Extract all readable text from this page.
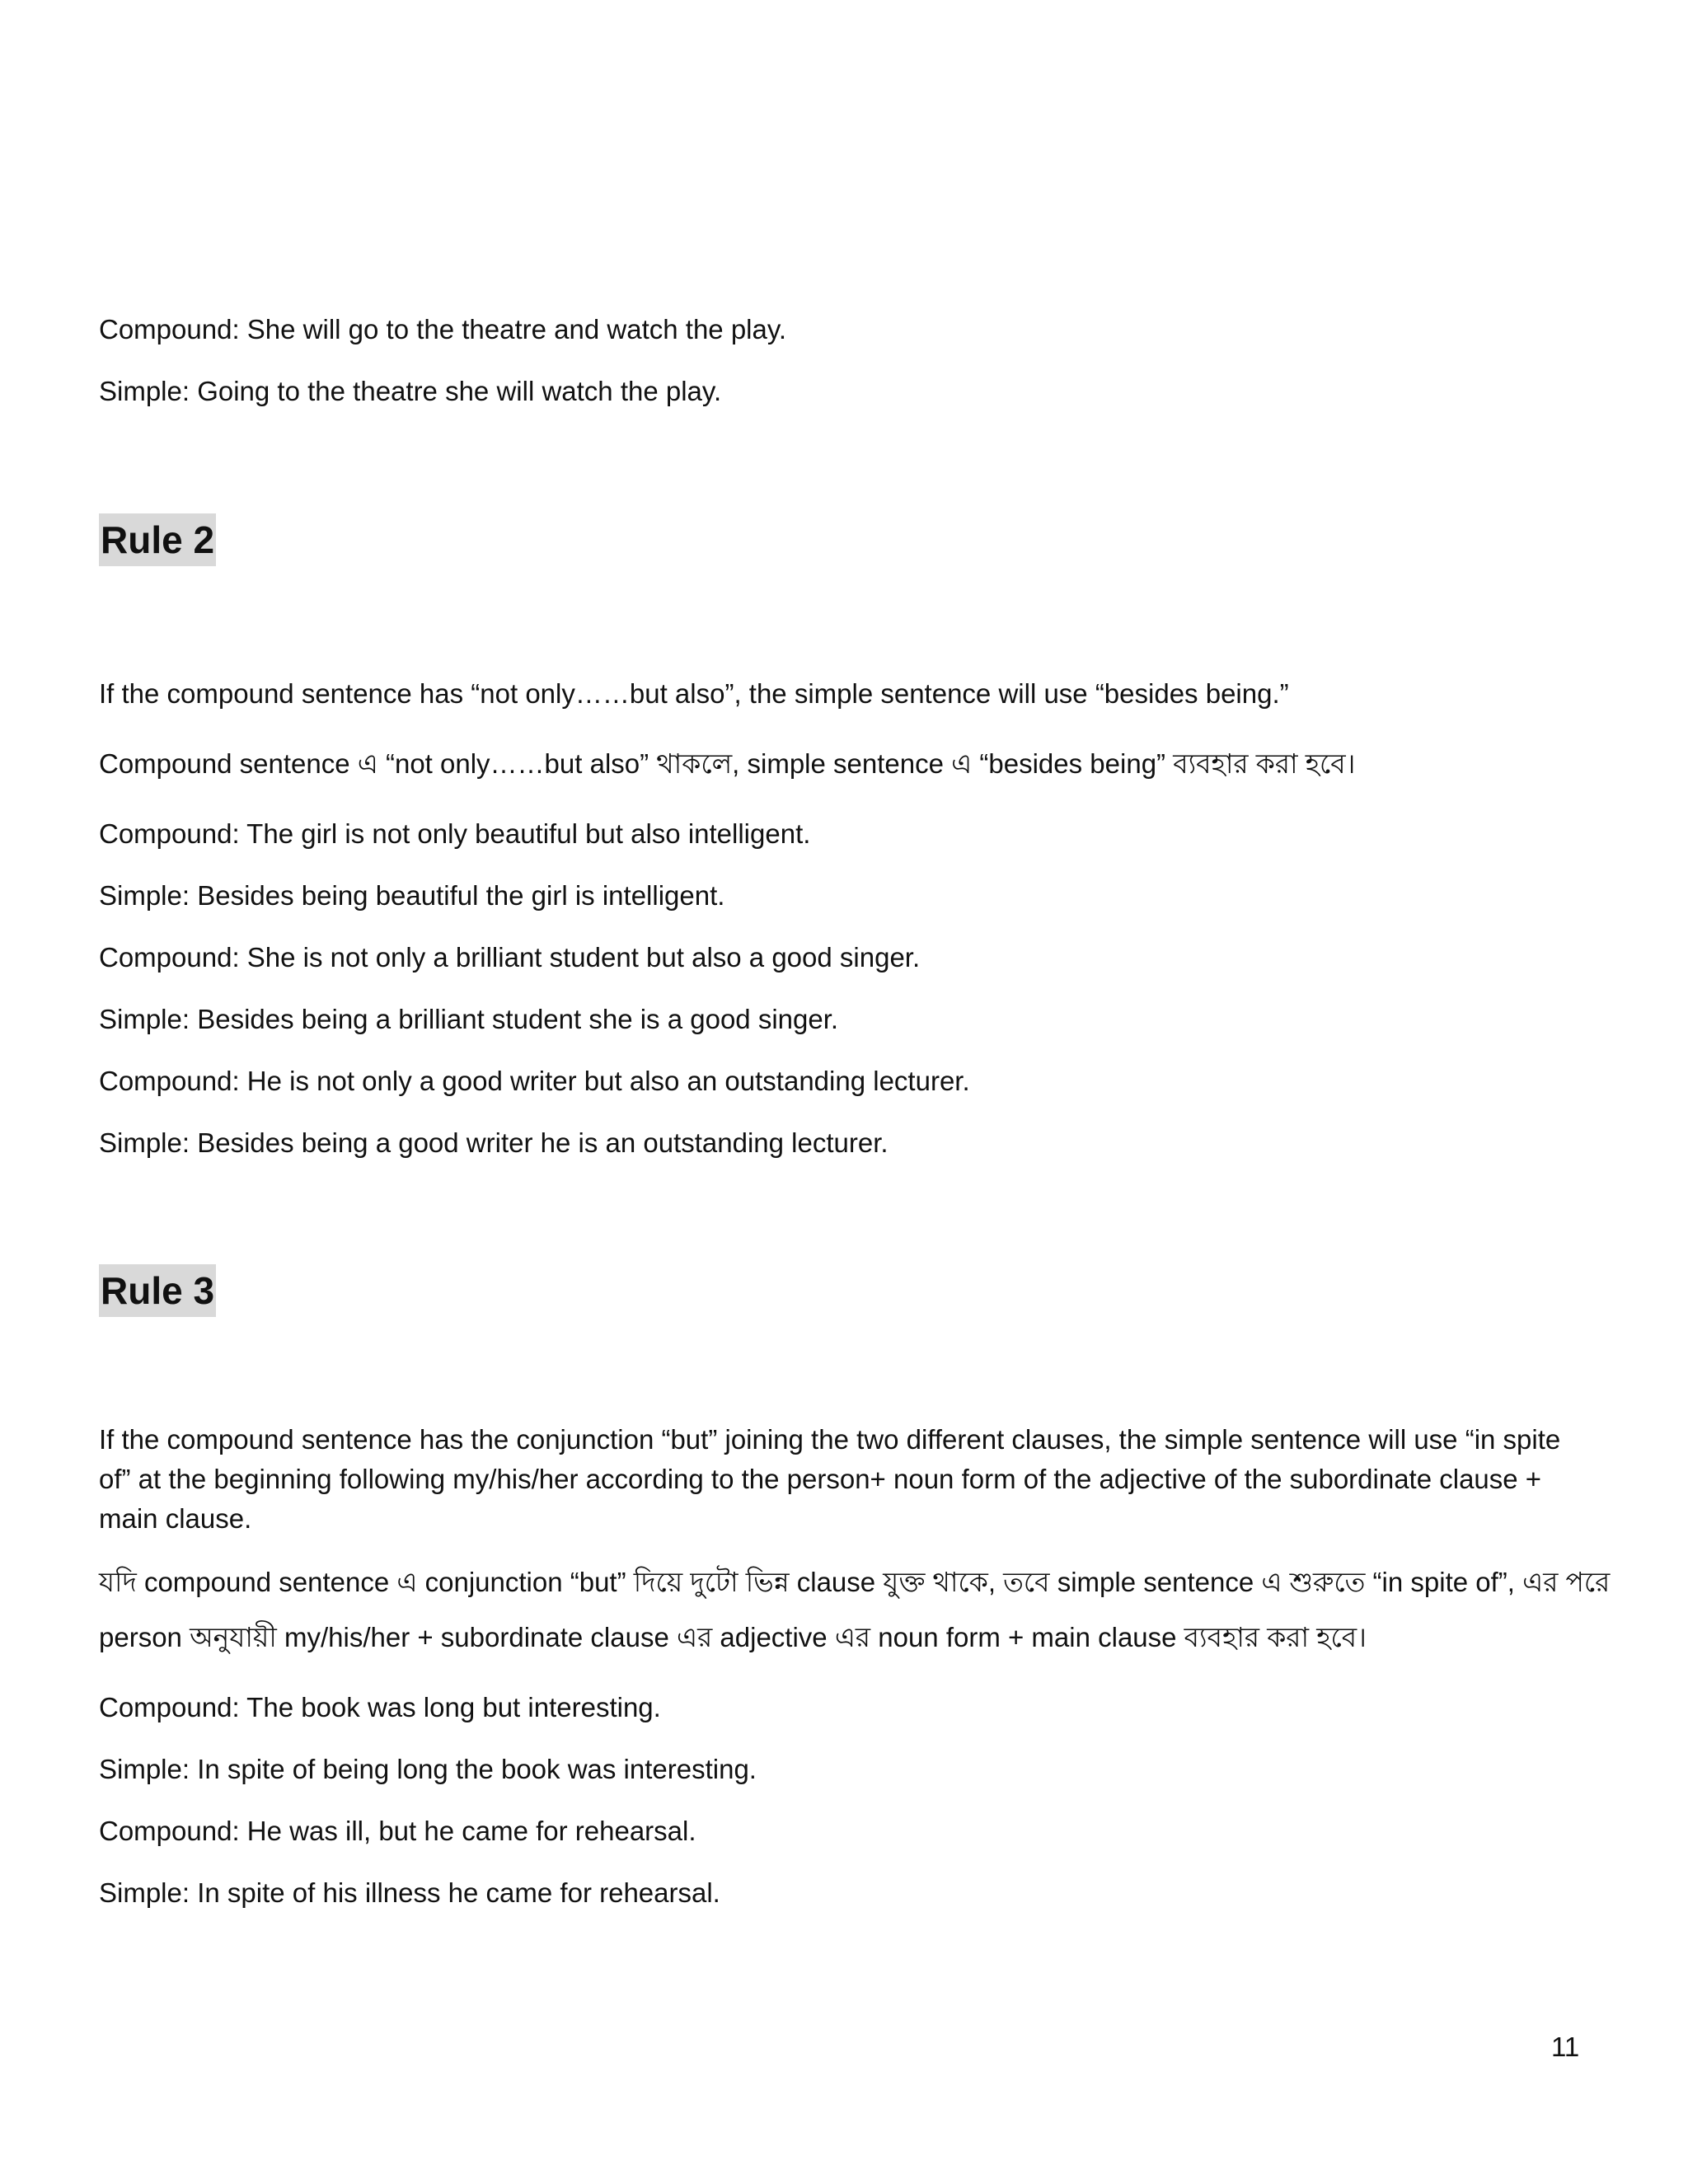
Compound: She will go to the theatre and watch the play.
Simple: Going to the theatre she will watch the play.
Rule 2
If the compound sentence has “not only……but also”, the simple sentence will use “besides being.”
Compound sentence এ “not only……but also” থাকলে, simple sentence এ “besides being” ব্যবহার করা হবে।
Compound: The girl is not only beautiful but also intelligent.
Simple: Besides being beautiful the girl is intelligent.
Compound: She is not only a brilliant student but also a good singer.
Simple: Besides being a brilliant student she is a good singer.
Compound: He is not only a good writer but also an outstanding lecturer.
Simple: Besides being a good writer he is an outstanding lecturer.
Rule 3
If the compound sentence has the conjunction “but” joining the two different clauses, the simple sentence will use “in spite of” at the beginning following my/his/her according to the person+ noun form of the adjective of the subordinate clause + main clause.
যদি compound sentence এ conjunction “but” দিয়ে দুটো ভিন্ন clause যুক্ত থাকে, তবে simple sentence এ শুরুতে “in spite of”, এর পরে
person অনুযায়ী my/his/her + subordinate clause এর adjective এর noun form + main clause ব্যবহার করা হবে।
Compound: The book was long but interesting.
Simple: In spite of being long the book was interesting.
Compound: He was ill, but he came for rehearsal.
Simple: In spite of his illness he came for rehearsal.
11
